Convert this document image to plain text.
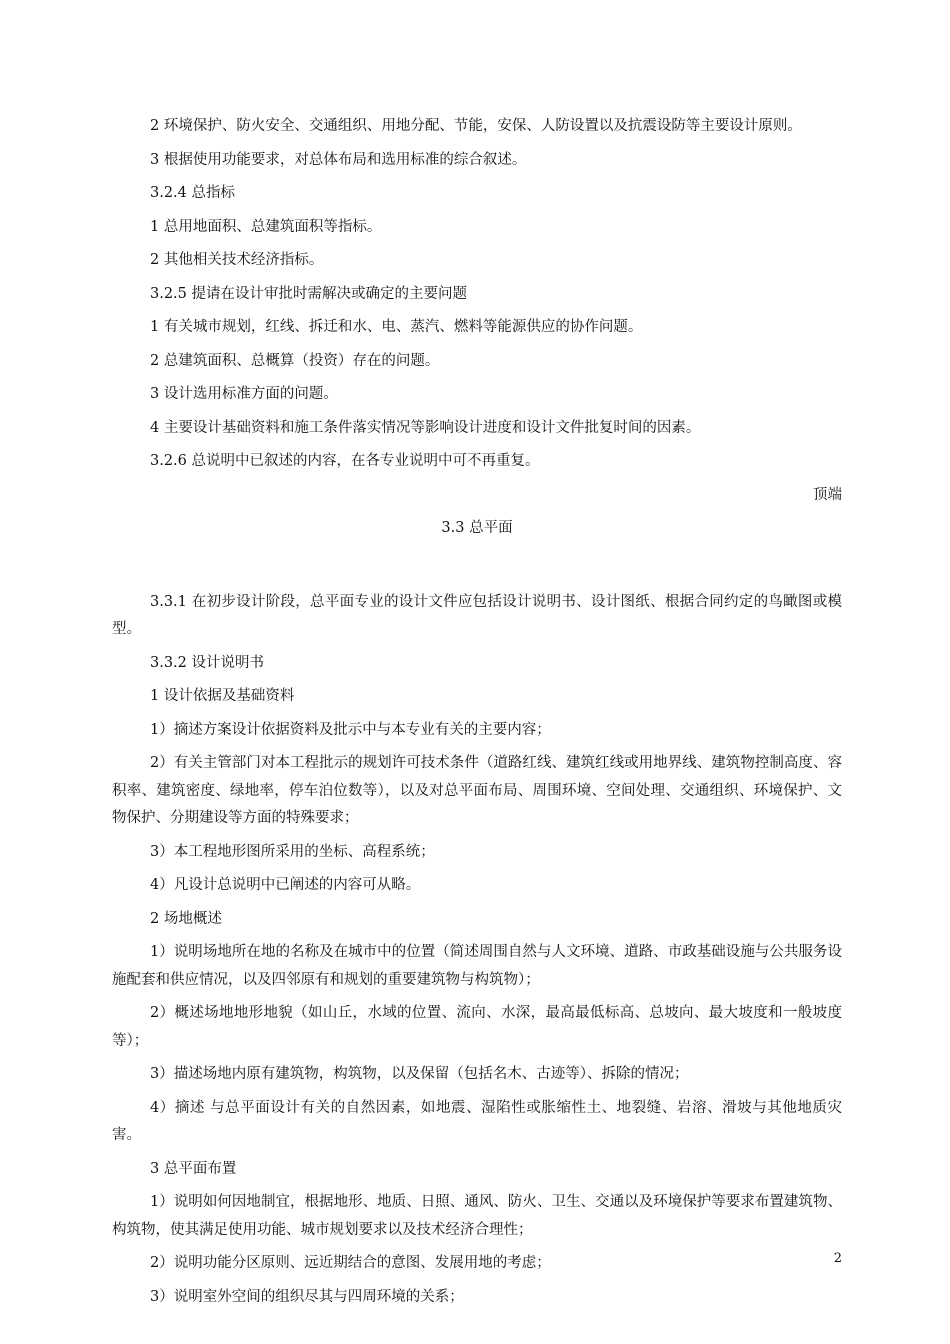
2 环境保护、防火安全、交通组织、用地分配、节能，安保、人防设置以及抗震设防等主要设计原则。

3 根据使用功能要求，对总体布局和选用标准的综合叙述。

3.2.4 总指标

1 总用地面积、总建筑面积等指标。

2 其他相关技术经济指标。

3.2.5 提请在设计审批时需解决或确定的主要问题

1 有关城市规划，红线、拆迁和水、电、蒸汽、燃料等能源供应的协作问题。

2 总建筑面积、总概算（投资）存在的问题。

3 设计选用标准方面的问题。

4 主要设计基础资料和施工条件落实情况等影响设计进度和设计文件批复时间的因素。

3.2.6 总说明中已叙述的内容，在各专业说明中可不再重复。

顶端

3.3 总平面

3.3.1 在初步设计阶段，总平面专业的设计文件应包括设计说明书、设计图纸、根据合同约定的鸟瞰图或模型。

3.3.2 设计说明书

1 设计依据及基础资料

1）摘述方案设计依据资料及批示中与本专业有关的主要内容；

2）有关主管部门对本工程批示的规划许可技术条件（道路红线、建筑红线或用地界线、建筑物控制高度、容积率、建筑密度、绿地率，停车泊位数等），以及对总平面布局、周围环境、空间处理、交通组织、环境保护、文物保护、分期建设等方面的特殊要求；

3）本工程地形图所采用的坐标、高程系统；

4）凡设计总说明中已阐述的内容可从略。

2 场地概述

1）说明场地所在地的名称及在城市中的位置（简述周围自然与人文环境、道路、市政基础设施与公共服务设施配套和供应情况，以及四邻原有和规划的重要建筑物与构筑物）；

2）概述场地地形地貌（如山丘，水域的位置、流向、水深，最高最低标高、总坡向、最大坡度和一般坡度等）；

3）描述场地内原有建筑物，构筑物，以及保留（包括名木、古迹等）、拆除的情况；

4）摘述 与总平面设计有关的自然因素，如地震、湿陷性或胀缩性土、地裂缝、岩溶、滑坡与其他地质灾害。

3 总平面布置

1）说明如何因地制宜，根据地形、地质、日照、通风、防火、卫生、交通以及环境保护等要求布置建筑物、构筑物，使其满足使用功能、城市规划要求以及技术经济合理性；

2）说明功能分区原则、远近期结合的意图、发展用地的考虑；

3）说明室外空间的组织尽其与四周环境的关系；

2
